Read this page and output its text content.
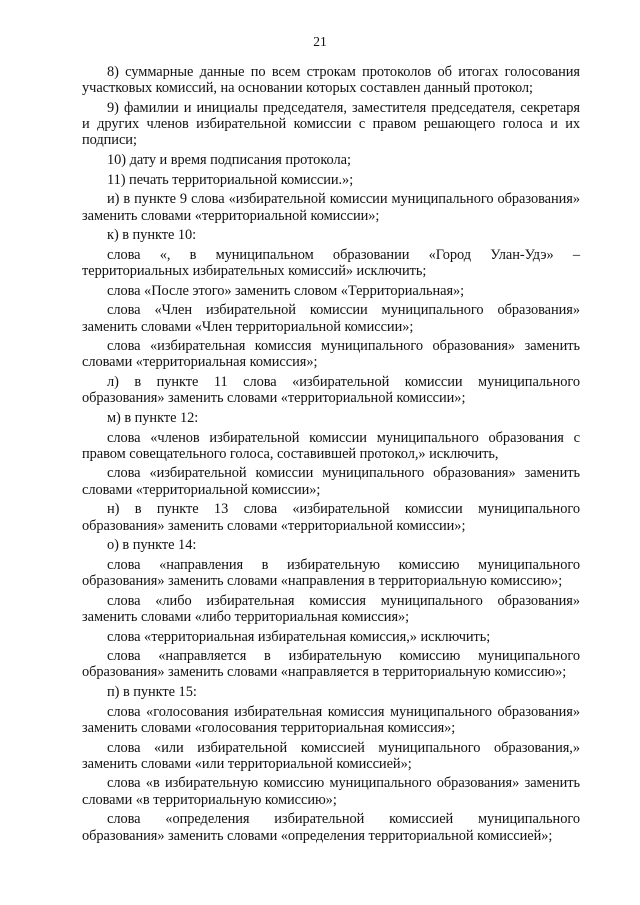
21

8) суммарные данные по всем строкам протоколов об итогах голосования участковых комиссий, на основании которых составлен данный протокол;

9) фамилии и инициалы председателя, заместителя председателя, секретаря и других членов избирательной комиссии с правом решающего голоса и их подписи;

10) дату и время подписания протокола;

11) печать территориальной комиссии.»;

и) в пункте 9 слова «избирательной комиссии муниципального образования» заменить словами «территориальной комиссии»;

к) в пункте 10:

слова «, в муниципальном образовании «Город Улан-Удэ» – территориальных избирательных комиссий» исключить;

слова «После этого» заменить словом «Территориальная»;

слова «Член избирательной комиссии муниципального образования» заменить словами «Член территориальной комиссии»;

слова «избирательная комиссия муниципального образования» заменить словами «территориальная комиссия»;

л) в пункте 11 слова «избирательной комиссии муниципального образования» заменить словами «территориальной комиссии»;

м) в пункте 12:

слова «членов избирательной комиссии муниципального образования с правом совещательного голоса, составившей протокол,» исключить,

слова «избирательной комиссии муниципального образования» заменить словами «территориальной комиссии»;

н) в пункте 13 слова «избирательной комиссии муниципального образования» заменить словами «территориальной комиссии»;

о) в пункте 14:

слова «направления в избирательную комиссию муниципального образования» заменить словами «направления в территориальную комиссию»;

слова «либо избирательная комиссия муниципального образования» заменить словами «либо территориальная комиссия»;

слова «территориальная избирательная комиссия,» исключить;

слова «направляется в избирательную комиссию муниципального образования» заменить словами «направляется в территориальную комиссию»;

п) в пункте 15:

слова «голосования избирательная комиссия муниципального образования» заменить словами «голосования территориальная комиссия»;

слова «или избирательной комиссией муниципального образования,» заменить словами «или территориальной комиссией»;

слова «в избирательную комиссию муниципального образования» заменить словами «в территориальную комиссию»;

слова «определения избирательной комиссией муниципального образования» заменить словами «определения территориальной комиссией»;
